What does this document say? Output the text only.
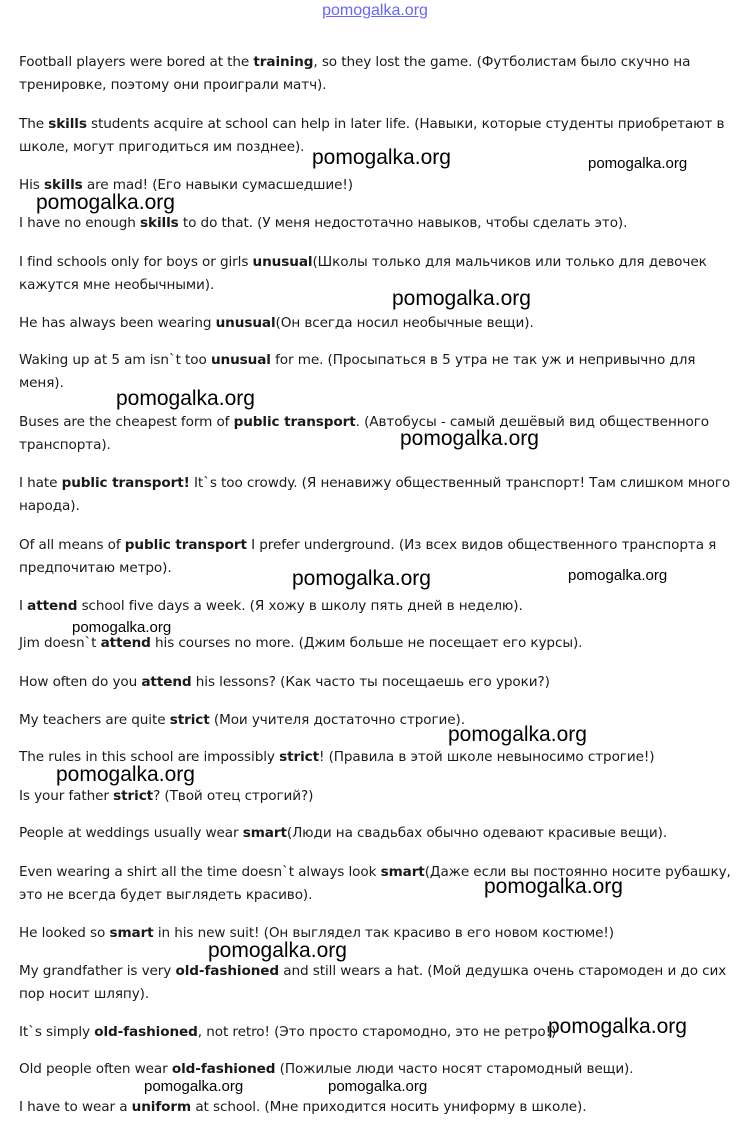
pomogalka.org
Football players were bored at the training, so they lost the game. (Футболистам было скучно на
тренировке, поэтому они проиграли матч).
The skills students acquire at school can help in later life. (Навыки, которые студенты приобретают в
школе, могут пригодиться им позднее).
His skills are mad! (Его навыки сумасшедшие!)
I have no enough skills to do that. (У меня недостотачно навыков, чтобы сделать это).
I find schools only for boys or girls unusual(Школы только для мальчиков или только для девочек
кажутся мне необычными).
He has always been wearing unusual(Он всегда носил необычные вещи).
Waking up at 5 am isn`t too unusual for me. (Просыпаться в 5 утра не так уж и непривычно для
меня).
Buses are the cheapest form of public transport. (Автобусы - самый дешёвый вид общественного
транспорта).
I hate public transport! It`s too crowdy. (Я ненавижу общественный транспорт! Там слишком много
народа).
Of all means of public transport I prefer underground. (Из всех видов общественного транспорта я
предпочитаю метро).
I attend school five days a week. (Я хожу в школу пять дней в неделю).
Jim doesn`t attend his courses no more. (Джим больше не посещает его курсы).
How often do you attend his lessons? (Как часто ты посещаешь его уроки?)
My teachers are quite strict (Мои учителя достаточно строгие).
The rules in this school are impossibly strict! (Правила в этой школе невыносимо строгие!)
Is your father strict? (Твой отец строгий?)
People at weddings usually wear smart(Люди на свадьбах обычно одевают красивые вещи).
Even wearing a shirt all the time doesn`t always look smart(Даже если вы постоянно носите рубашку,
это не всегда будет выглядеть красиво).
He looked so smart in his new suit! (Он выглядел так красиво в его новом костюме!)
My grandfather is very old-fashioned and still wears a hat. (Мой дедушка очень старомоден и до сих
пор носит шляпу).
It`s simply old-fashioned, not retro! (Это просто старомодно, это не ретро!)
Old people often wear old-fashioned (Пожилые люди часто носят старомодный вещи).
I have to wear a uniform at school. (Мне приходится носить униформу в школе).
pomogalka.org	pomogalka.org
pomogalka.org
pomogalka.org
pomogalka.org
pomogalka.org
pomogalka.org	pomogalka.org
pomogalka.org
pomogalka.org
pomogalka.org
pomogalka.org
pomogalka.org
pomogalka.org
pomogalka.org	pomogalka.org
